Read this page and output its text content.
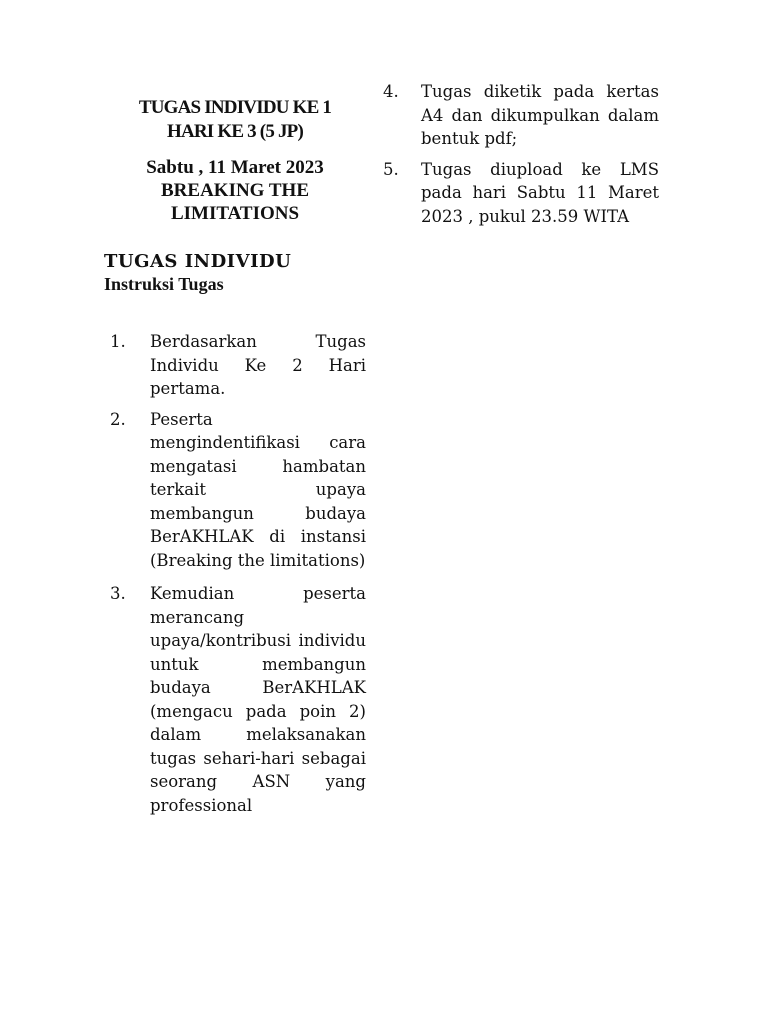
TUGAS INDIVIDU KE 1
HARI KE 3 (5 JP)
Sabtu , 11 Maret 2023
BREAKING THE
LIMITATIONS
TUGAS INDIVIDU
Instruksi Tugas
1.	Berdasarkan Tugas Individu Ke 2 Hari pertama.
2.	Peserta mengindentifikasi cara mengatasi hambatan terkait upaya membangun budaya BerAKHLAK di instansi (Breaking the limitations)
3.	Kemudian peserta merancang upaya/kontribusi individu untuk membangun budaya BerAKHLAK (mengacu pada poin 2) dalam melaksanakan tugas sehari-hari sebagai seorang ASN yang professional
4.	Tugas diketik pada kertas A4 dan dikumpulkan dalam bentuk pdf;
5.	Tugas diupload ke LMS pada hari Sabtu 11 Maret 2023 , pukul 23.59 WITA
